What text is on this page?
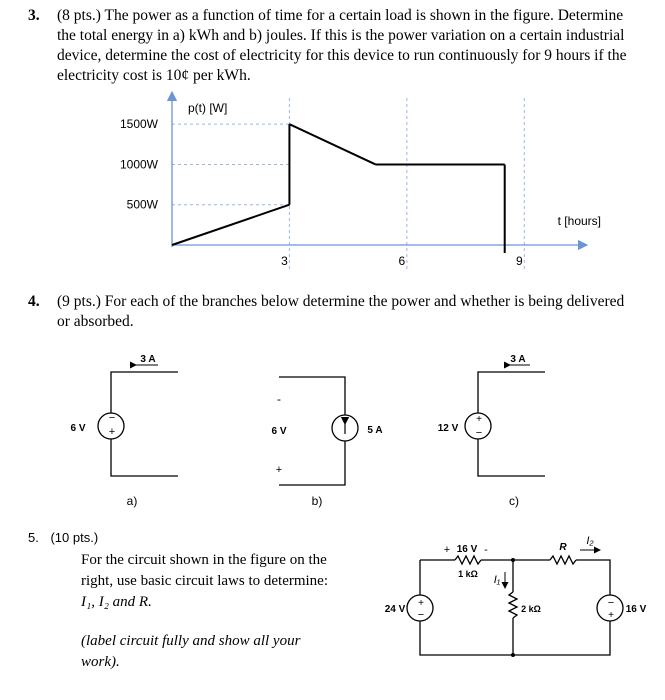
3. (8 pts.) The power as a function of time for a certain load is shown in the figure. Determine
the total energy in a) kWh and b) joules. If this is the power variation on a certain industrial
device, determine the cost of electricity for this device to run continuously for 9 hours if the
electricity cost is 10¢ per kWh.
500W
1000W
1500W
3	6	9
p(t) [W]
t [hours]
4. (9 pts.) For each of the branches below determine the power and whether is being delivered
or absorbed.
−
+
3 A
6 V
a)
-
+
6 V	5 A
b)
+
−
3 A
12 V
c)
5. (10 pts.)
For the circuit shown in the figure on the
right, use basic circuit laws to determine:
I₁, I₂ and R.
(label circuit fully and show all your
work).
+
−
−
+
+ 16 V -
1 kΩ I₁
R
I₂
2 kΩ
24 V	16 V
